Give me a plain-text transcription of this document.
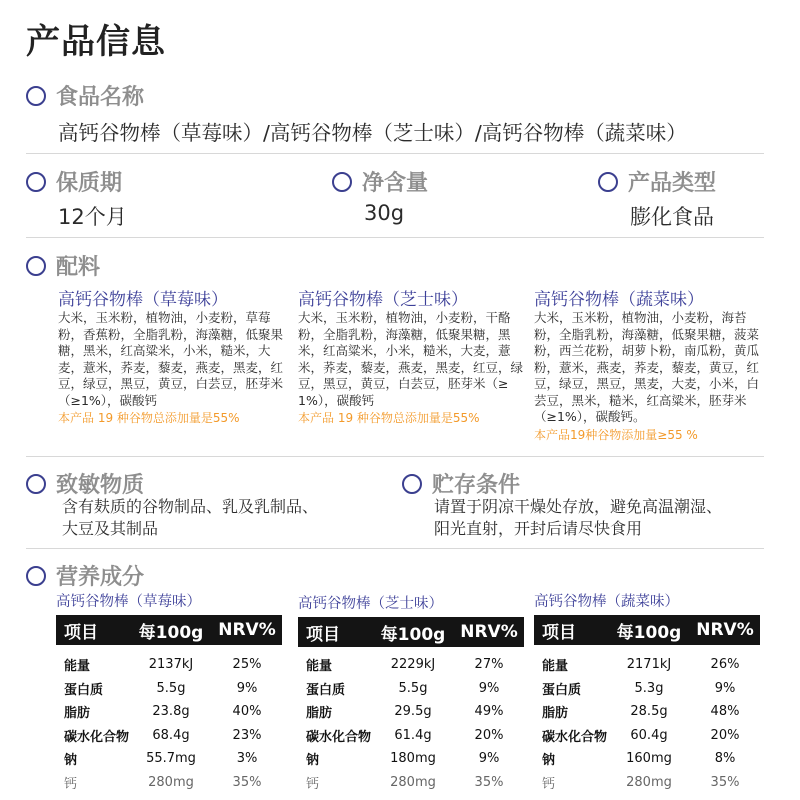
产品信息
食品名称
高钙谷物棒（草莓味）/高钙谷物棒（芝士味）/高钙谷物棒（蔬菜味）
保质期
12个月
净含量
30g
产品类型
膨化食品
配料
高钙谷物棒（草莓味）
大米，玉米粉，植物油，小麦粉，草莓粉，香蕉粉，全脂乳粉，海藻糖，低聚果糖，黑米，红高粱米，小米，糙米，大麦，薏米，荞麦，藜麦，燕麦，黑麦，红豆，绿豆，黑豆，黄豆，白芸豆，胚芽米（≥1%），碳酸钙
本产品 19 种谷物总添加量是55%
高钙谷物棒（芝士味）
大米，玉米粉，植物油，小麦粉，干酪粉，全脂乳粉，海藻糖，低聚果糖，黑米，红高粱米，小米，糙米，大麦，薏米，荞麦，藜麦，燕麦，黑麦，红豆，绿豆，黑豆，黄豆，白芸豆，胚芽米（≥1%），碳酸钙
本产品 19 种谷物总添加量是55%
高钙谷物棒（蔬菜味）
大米，玉米粉，植物油，小麦粉，海苔粉，全脂乳粉，海藻糖，低聚果糖，菠菜粉，西兰花粉，胡萝卜粉，南瓜粉，黄瓜粉，薏米，燕麦，荞麦，藜麦，黄豆，红豆，绿豆，黑豆，黑麦，大麦，小米，白芸豆，黑米，糙米，红高粱米，胚芽米（≥1%），碳酸钙。
本产品19种谷物添加量≥55 %
致敏物质
含有麸质的谷物制品、乳及乳制品、
大豆及其制品
贮存条件
请置于阴凉干燥处存放，避免高温潮湿、
阳光直射，开封后请尽快食用
营养成分
高钙谷物棒（草莓味）
项目	每100g NRV%
能量	2137kJ	25%
蛋白质	5.5g	9%
脂肪	23.8g	40%
碳水化合物	68.4g	23%
钠	55.7mg	3%
钙	280mg	35%
高钙谷物棒（芝士味）
项目	每100g NRV%
能量	2229kJ	27%
蛋白质	5.5g	9%
脂肪	29.5g	49%
碳水化合物	61.4g	20%
钠	180mg	9%
钙	280mg	35%
高钙谷物棒（蔬菜味）
项目	每100g NRV%
能量	2171kJ	26%
蛋白质	5.3g	9%
脂肪	28.5g	48%
碳水化合物	60.4g	20%
钠	160mg	8%
钙	280mg	35%
